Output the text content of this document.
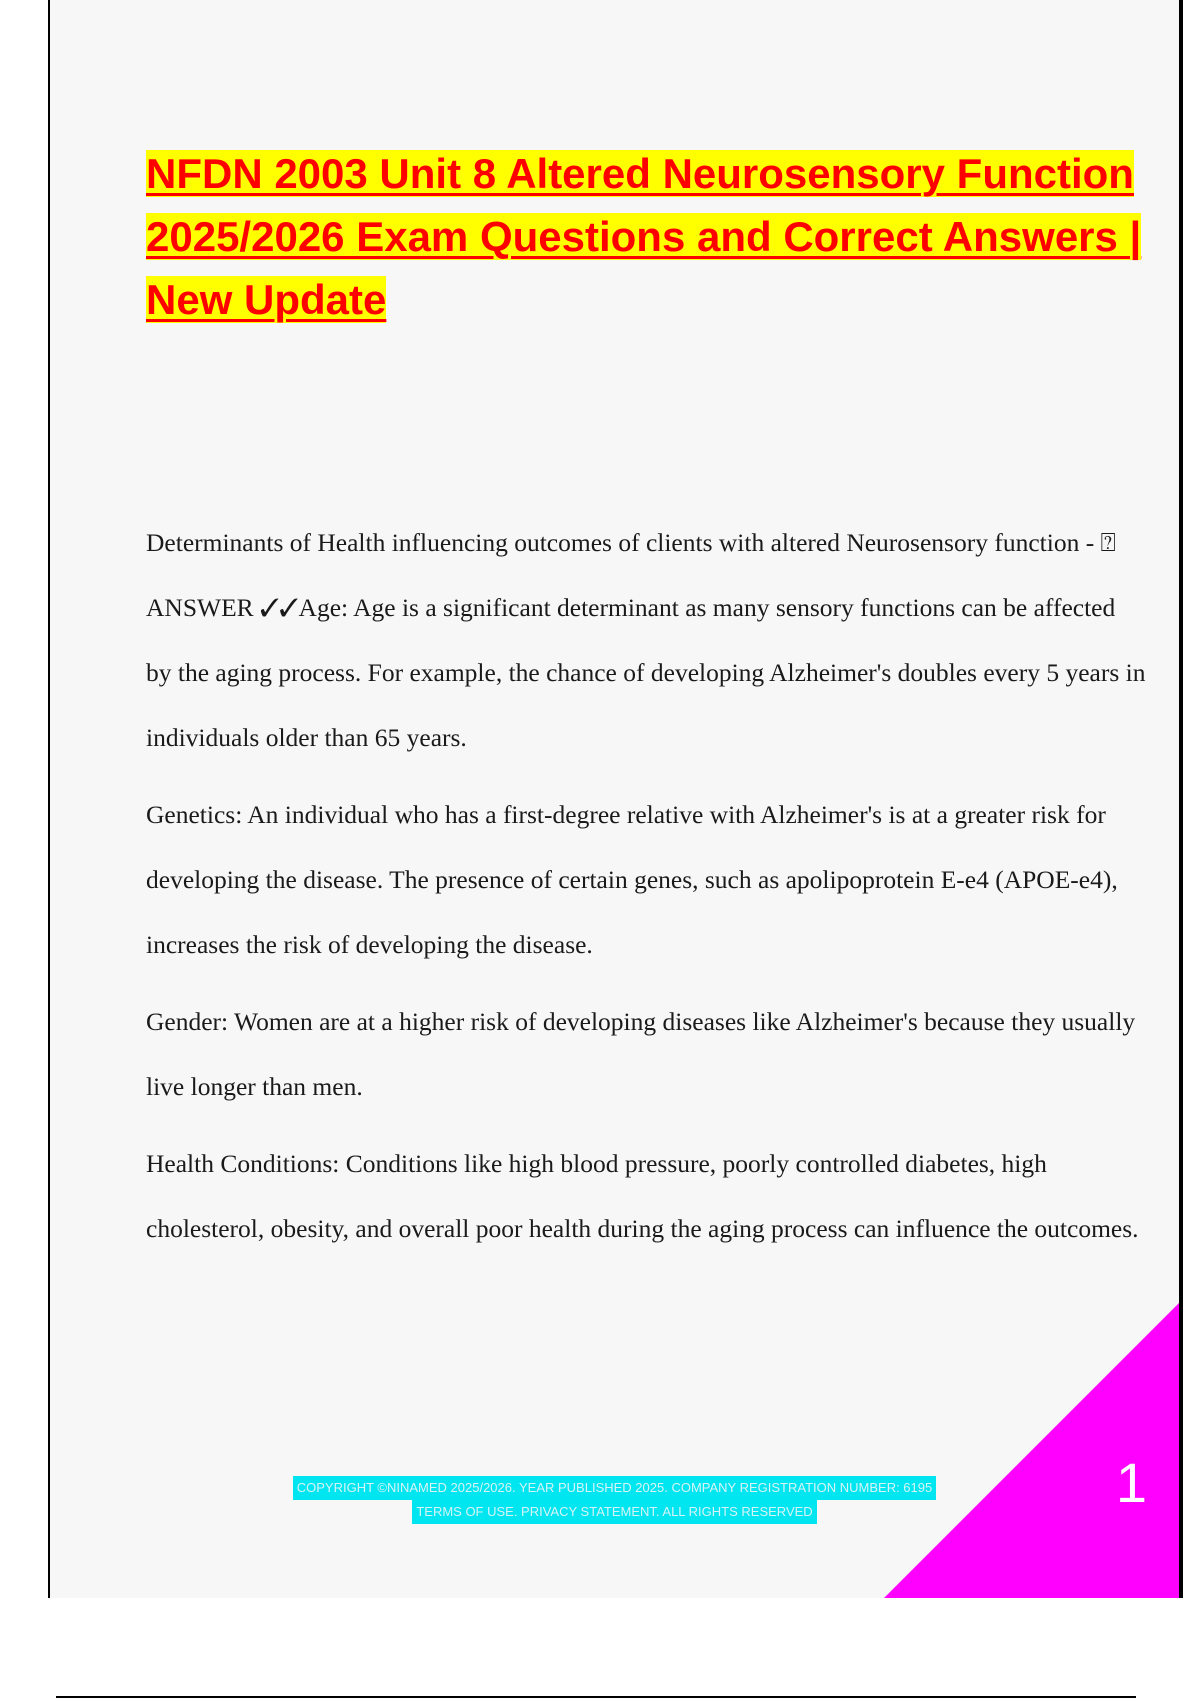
NFDN 2003 Unit 8 Altered Neurosensory Function 2025/2026 Exam Questions and Correct Answers | New Update

Determinants of Health influencing outcomes of clients with altered Neurosensory function - ⍰ ANSWER ✓✓Age: Age is a significant determinant as many sensory functions can be affected by the aging process. For example, the chance of developing Alzheimer's doubles every 5 years in individuals older than 65 years.

Genetics: An individual who has a first-degree relative with Alzheimer's is at a greater risk for developing the disease. The presence of certain genes, such as apolipoprotein E-e4 (APOE-e4), increases the risk of developing the disease.

Gender: Women are at a higher risk of developing diseases like Alzheimer's because they usually live longer than men.

Health Conditions: Conditions like high blood pressure, poorly controlled diabetes, high cholesterol, obesity, and overall poor health during the aging process can influence the outcomes.

COPYRIGHT ©NINAMED 2025/2026. YEAR PUBLISHED 2025. COMPANY REGISTRATION NUMBER: 6195
TERMS OF USE. PRIVACY STATEMENT. ALL RIGHTS RESERVED	1
